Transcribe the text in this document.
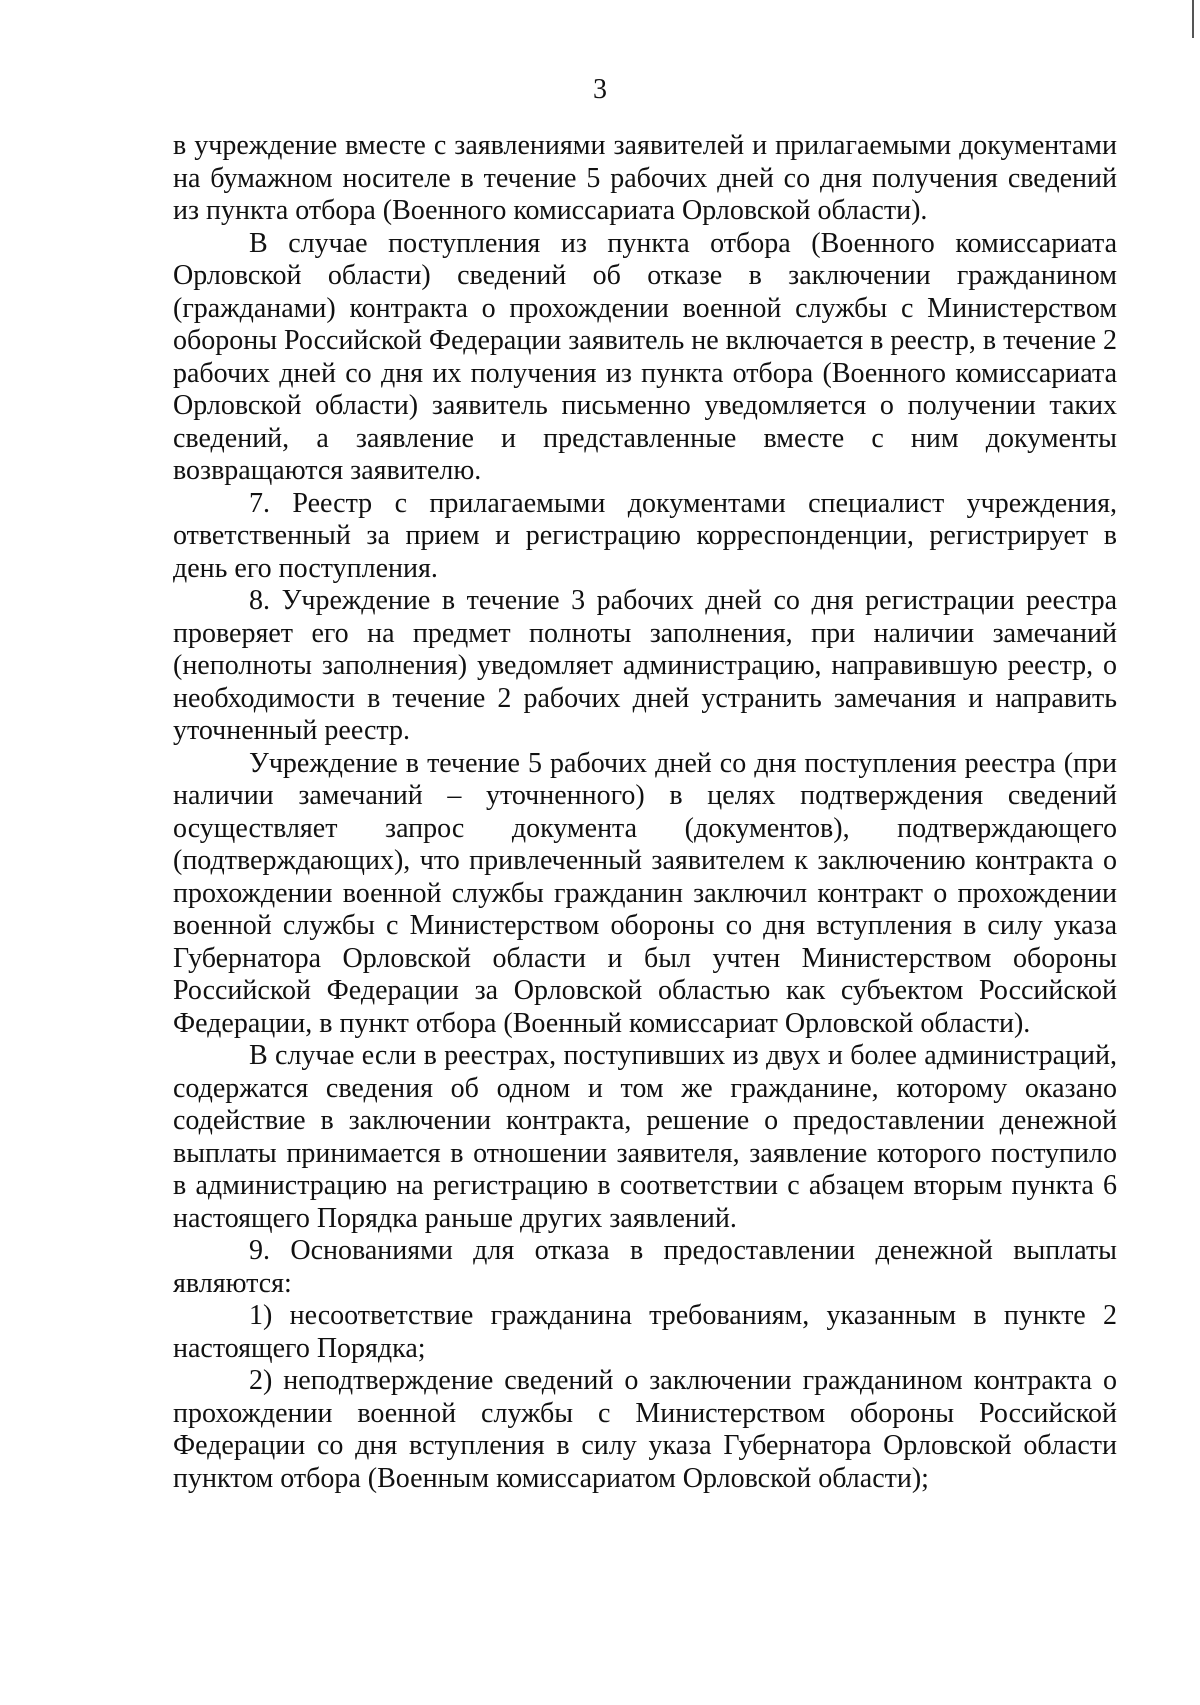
3

в учреждение вместе с заявлениями заявителей и прилагаемыми документами на бумажном носителе в течение 5 рабочих дней со дня получения сведений из пункта отбора (Военного комиссариата Орловской области).

В случае поступления из пункта отбора (Военного комиссариата Орловской области) сведений об отказе в заключении гражданином (гражданами) контракта о прохождении военной службы с Министерством обороны Российской Федерации заявитель не включается в реестр, в течение 2 рабочих дней со дня их получения из пункта отбора (Военного комиссариата Орловской области) заявитель письменно уведомляется о получении таких сведений, а заявление и представленные вместе с ним документы возвращаются заявителю.

7. Реестр с прилагаемыми документами специалист учреждения, ответственный за прием и регистрацию корреспонденции, регистрирует в день его поступления.

8. Учреждение в течение 3 рабочих дней со дня регистрации реестра проверяет его на предмет полноты заполнения, при наличии замечаний (неполноты заполнения) уведомляет администрацию, направившую реестр, о необходимости в течение 2 рабочих дней устранить замечания и направить уточненный реестр.

Учреждение в течение 5 рабочих дней со дня поступления реестра (при наличии замечаний – уточненного) в целях подтверждения сведений осуществляет запрос документа (документов), подтверждающего (подтверждающих), что привлеченный заявителем к заключению контракта о прохождении военной службы гражданин заключил контракт о прохождении военной службы с Министерством обороны со дня вступления в силу указа Губернатора Орловской области и был учтен Министерством обороны Российской Федерации за Орловской областью как субъектом Российской Федерации, в пункт отбора (Военный комиссариат Орловской области).

В случае если в реестрах, поступивших из двух и более администраций, содержатся сведения об одном и том же гражданине, которому оказано содействие в заключении контракта, решение о предоставлении денежной выплаты принимается в отношении заявителя, заявление которого поступило в администрацию на регистрацию в соответствии с абзацем вторым пункта 6 настоящего Порядка раньше других заявлений.

9. Основаниями для отказа в предоставлении денежной выплаты являются:

1) несоответствие гражданина требованиям, указанным в пункте 2 настоящего Порядка;

2) неподтверждение сведений о заключении гражданином контракта о прохождении военной службы с Министерством обороны Российской Федерации со дня вступления в силу указа Губернатора Орловской области пунктом отбора (Военным комиссариатом Орловской области);
